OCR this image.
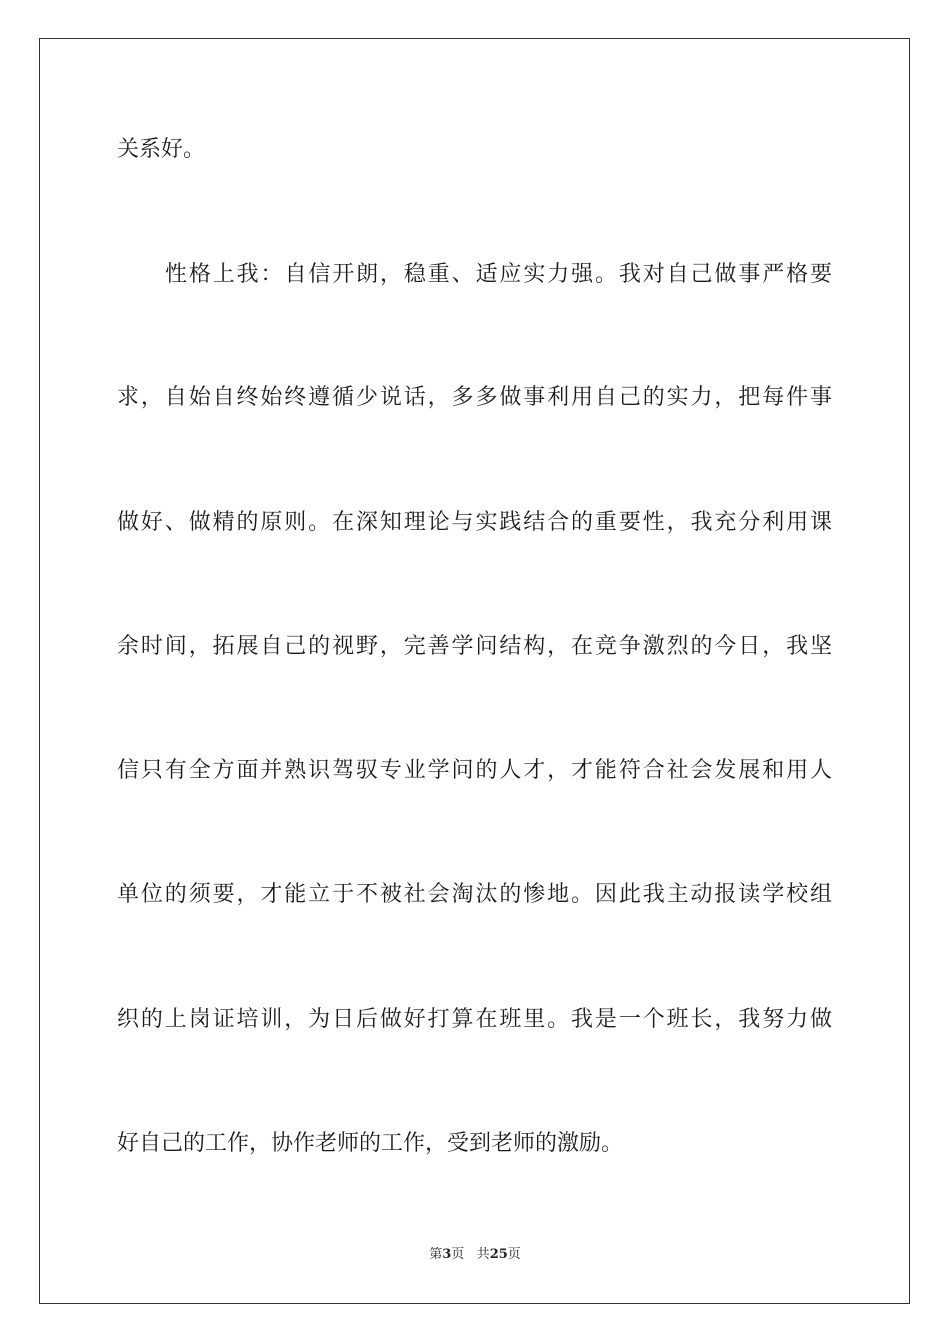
关系好。
性格上我：自信开朗，稳重、适应实力强。我对自己做事严格要
求，自始自终始终遵循少说话，多多做事利用自己的实力，把每件事
做好、做精的原则。在深知理论与实践结合的重要性，我充分利用课
余时间，拓展自己的视野，完善学问结构，在竞争激烈的今日，我坚
信只有全方面并熟识驾驭专业学问的人才，才能符合社会发展和用人
单位的须要，才能立于不被社会淘汰的惨地。因此我主动报读学校组
织的上岗证培训，为日后做好打算在班里。我是一个班长，我努力做
好自己的工作，协作老师的工作，受到老师的激励。
第3页 共25页
